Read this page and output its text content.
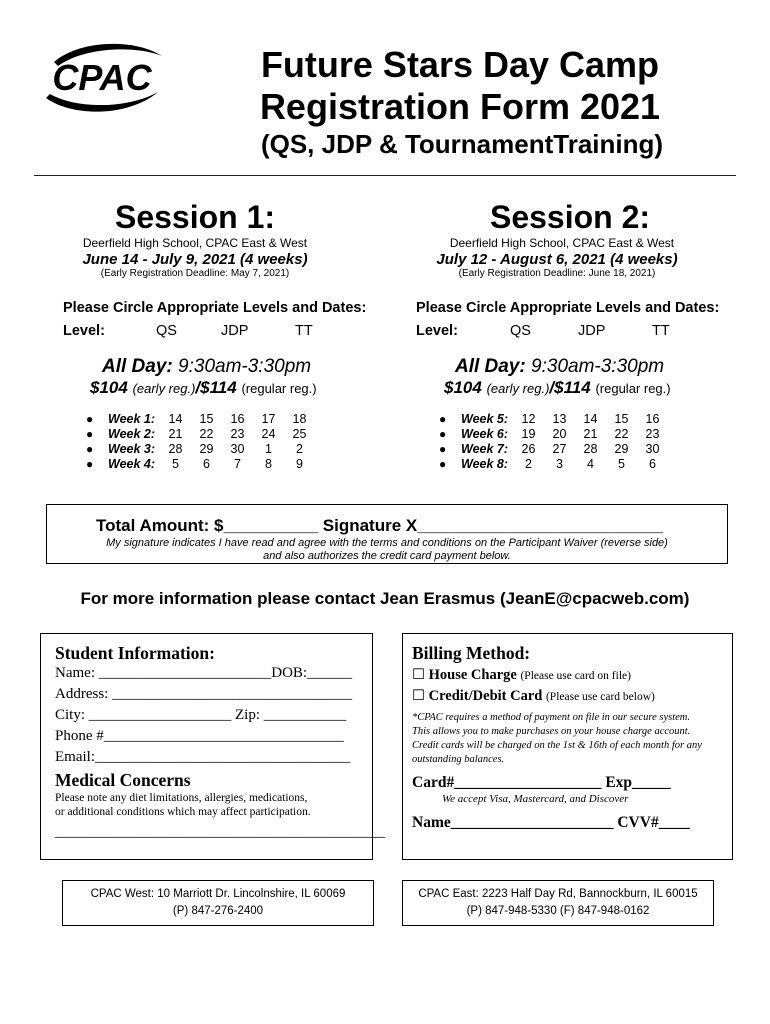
CPAC	Future Stars Day Camp
Registration Form 2021
(QS, JDP & TournamentTraining)
Session 1:
Deerfield High School, CPAC East & West
June 14 - July 9, 2021 (4 weeks)
(Early Registration Deadline: May 7, 2021)
Please Circle Appropriate Levels and Dates:
Level:	QS	JDP	TT
All Day: 9:30am-3:30pm
$104 (early reg.)/$114 (regular reg.)
●	Week 1:	14	15	16	17	18
●	Week 2:	21	22	23	24	25
●	Week 3:	28	29	30	1	2
●	Week 4:	5	6	7	8	9
Session 2:
Deerfield High School, CPAC East & West
July 12 - August 6, 2021 (4 weeks)
(Early Registration Deadline: June 18, 2021)
Please Circle Appropriate Levels and Dates:
Level:	QS	JDP	TT
All Day: 9:30am-3:30pm
$104 (early reg.)/$114 (regular reg.)
●	Week 5:	12	13	14	15	16
●	Week 6:	19	20	21	22	23
●	Week 7:	26	27	28	29	30
●	Week 8:	2	3	4	5	6
Total Amount: $__________ Signature X__________________________
My signature indicates I have read and agree with the terms and conditions on the Participant Waiver (reverse side)
and also authorizes the credit card payment below.
For more information please contact Jean Erasmus (JeanE@cpacweb.com)
Student Information:
Name: _______________________DOB:______
Address: ________________________________
City: ___________________ Zip: ___________
Phone #________________________________
Email:__________________________________
Medical Concerns
Please note any diet limitations, allergies, medications,
or additional conditions which may affect participation.
____________________________________________
Billing Method:
☐ House Charge (Please use card on file)
☐ Credit/Debit Card (Please use card below)
*CPAC requires a method of payment on file in our secure system.
This allows you to make purchases on your house charge account.
Credit cards will be charged on the 1st & 16th of each month for any
outstanding balances.
Card#___________________ Exp_____
We accept Visa, Mastercard, and Discover
Name_____________________ CVV#____
CPAC West: 10 Marriott Dr. Lincolnshire, IL 60069
(P) 847-276-2400
CPAC East: 2223 Half Day Rd, Bannockburn, IL 60015
(P) 847-948-5330 (F) 847-948-0162
